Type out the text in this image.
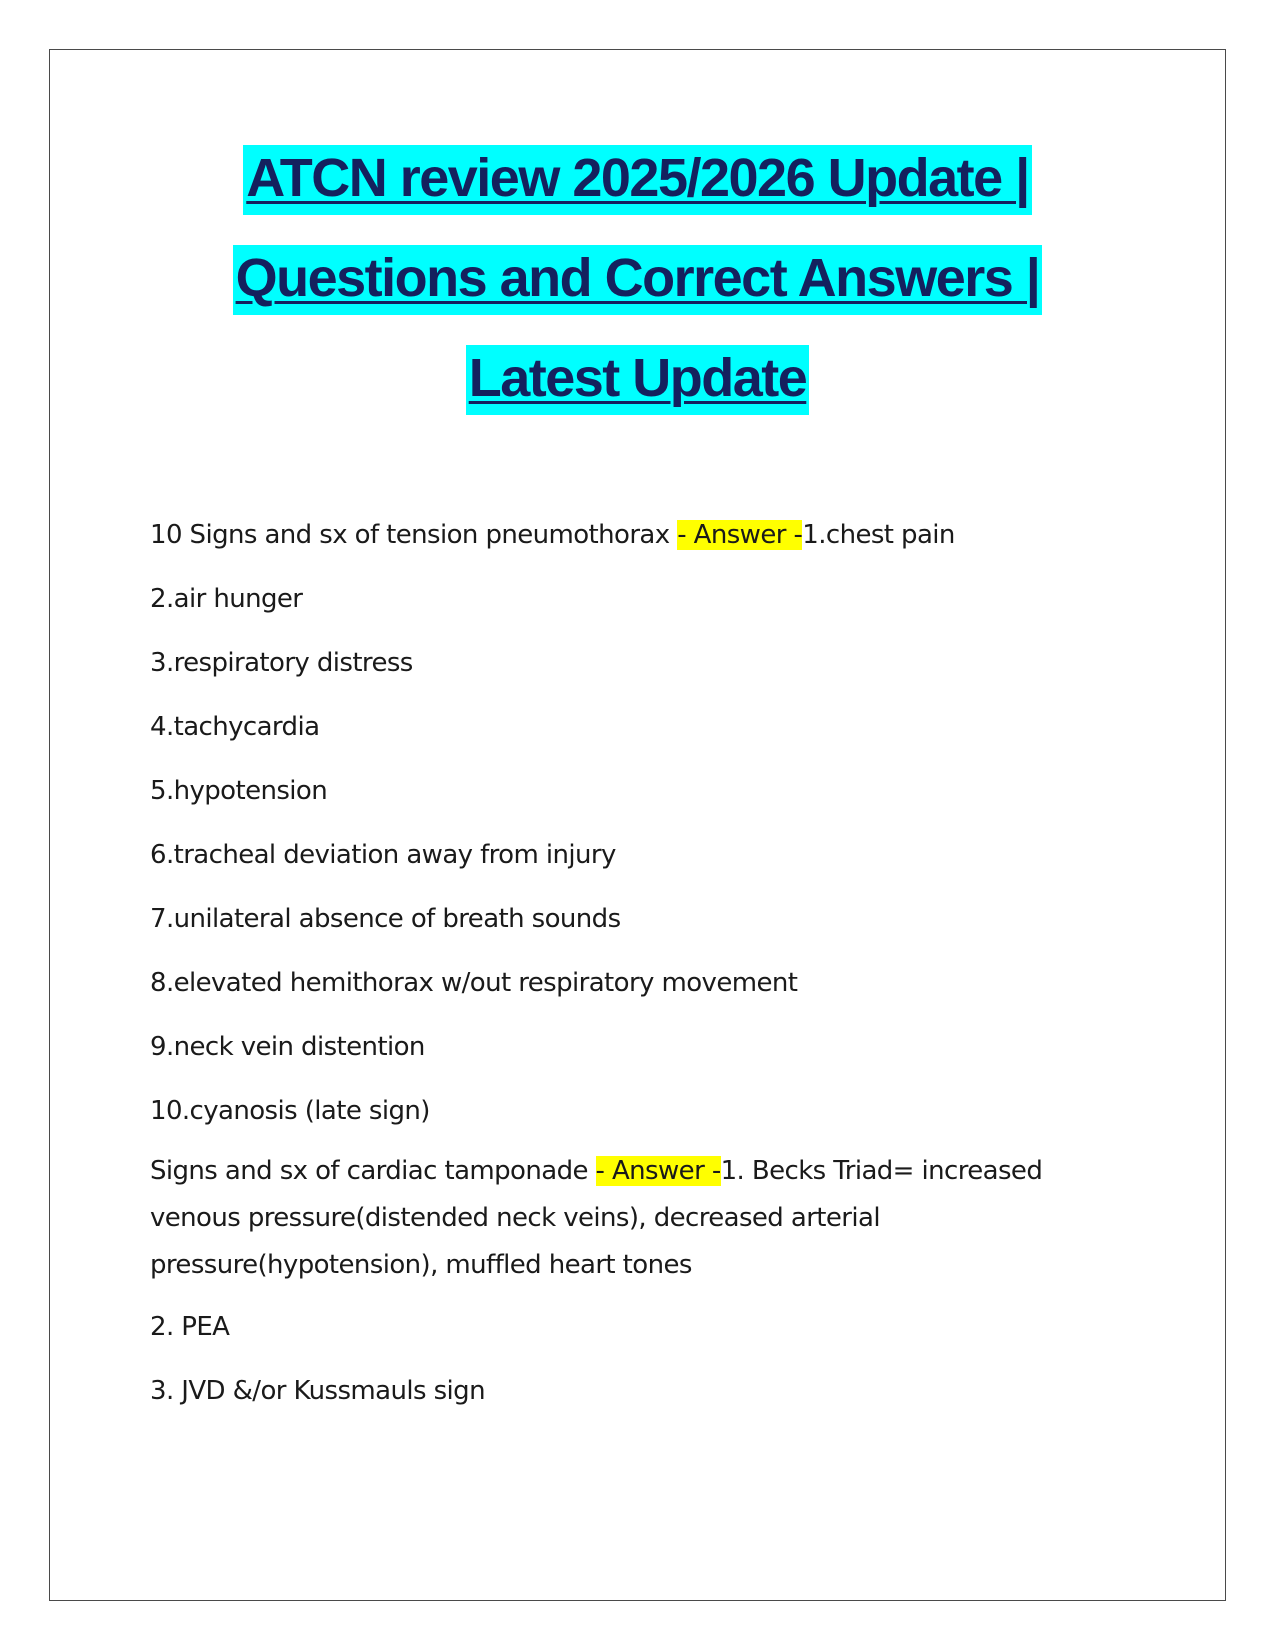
ATCN review 2025/2026 Update |
Questions and Correct Answers |
Latest Update
10 Signs and sx of tension pneumothorax - Answer -1.chest pain
2.air hunger
3.respiratory distress
4.tachycardia
5.hypotension
6.tracheal deviation away from injury
7.unilateral absence of breath sounds
8.elevated hemithorax w/out respiratory movement
9.neck vein distention
10.cyanosis (late sign)
Signs and sx of cardiac tamponade - Answer -1. Becks Triad= increased venous pressure(distended neck veins), decreased arterial pressure(hypotension), muffled heart tones
2. PEA
3. JVD &/or Kussmauls sign
